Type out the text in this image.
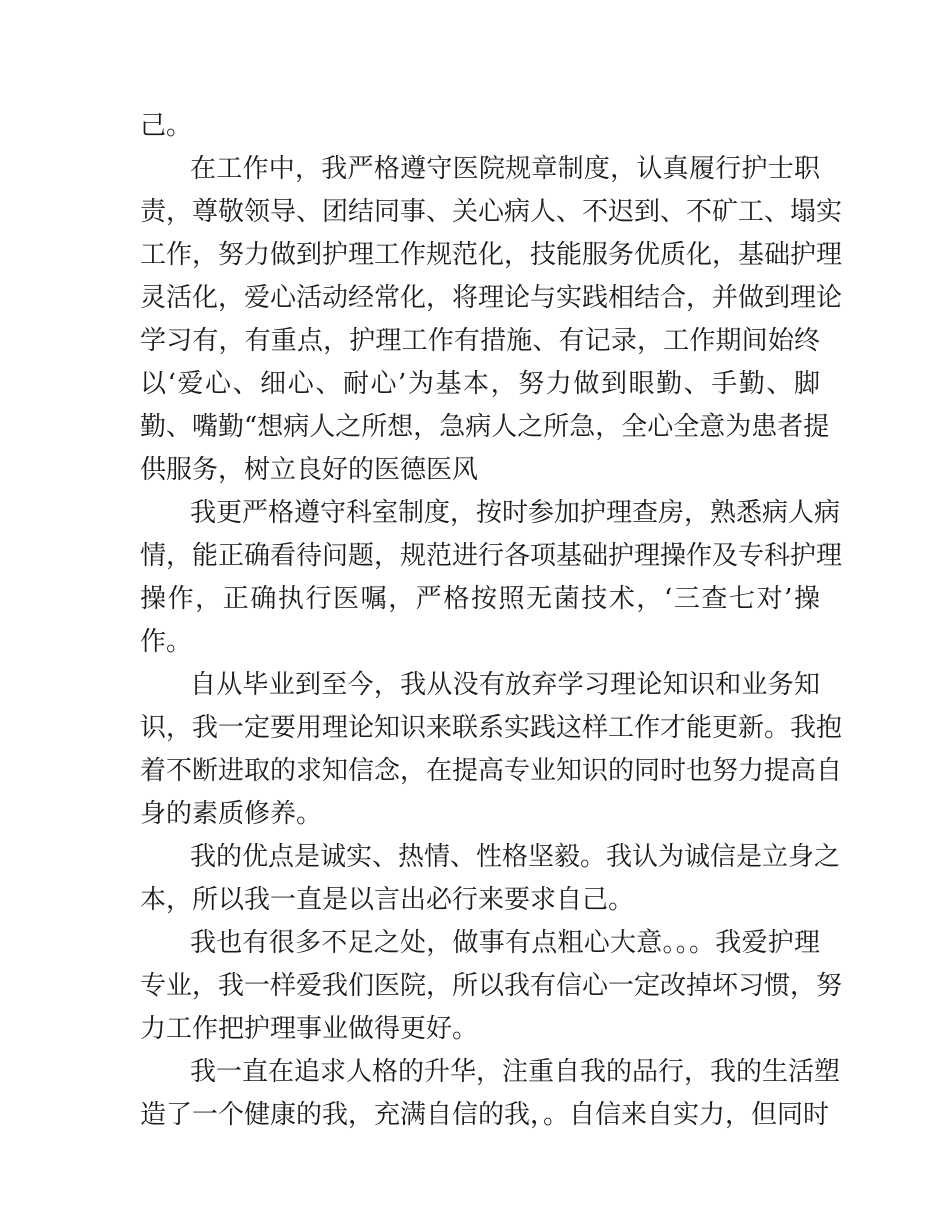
己。
在工作中，我严格遵守医院规章制度，认真履行护士职
责，尊敬领导、团结同事、关心病人、不迟到、不矿工、塌实
工作，努力做到护理工作规范化，技能服务优质化，基础护理
灵活化，爱心活动经常化，将理论与实践相结合，并做到理论
学习有，有重点，护理工作有措施、有记录，工作期间始终
以‘爱心、细心、耐心’为基本，努力做到眼勤、手勤、脚
勤、嘴勤“想病人之所想，急病人之所急，全心全意为患者提
供服务，树立良好的医德医风
我更严格遵守科室制度，按时参加护理查房，熟悉病人病
情，能正确看待问题，规范进行各项基础护理操作及专科护理
操作，正确执行医嘱，严格按照无菌技术，‘三查七对’操
作。
自从毕业到至今，我从没有放弃学习理论知识和业务知
识，我一定要用理论知识来联系实践这样工作才能更新。我抱
着不断进取的求知信念，在提高专业知识的同时也努力提高自
身的素质修养。
我的优点是诚实、热情、性格坚毅。我认为诚信是立身之
本，所以我一直是以言出必行来要求自己。
我也有很多不足之处，做事有点粗心大意。。。我爱护理
专业，我一样爱我们医院，所以我有信心一定改掉坏习惯，努
力工作把护理事业做得更好。
我一直在追求人格的升华，注重自我的品行，我的生活塑
造了一个健康的我，充满自信的我，。自信来自实力，但同时
